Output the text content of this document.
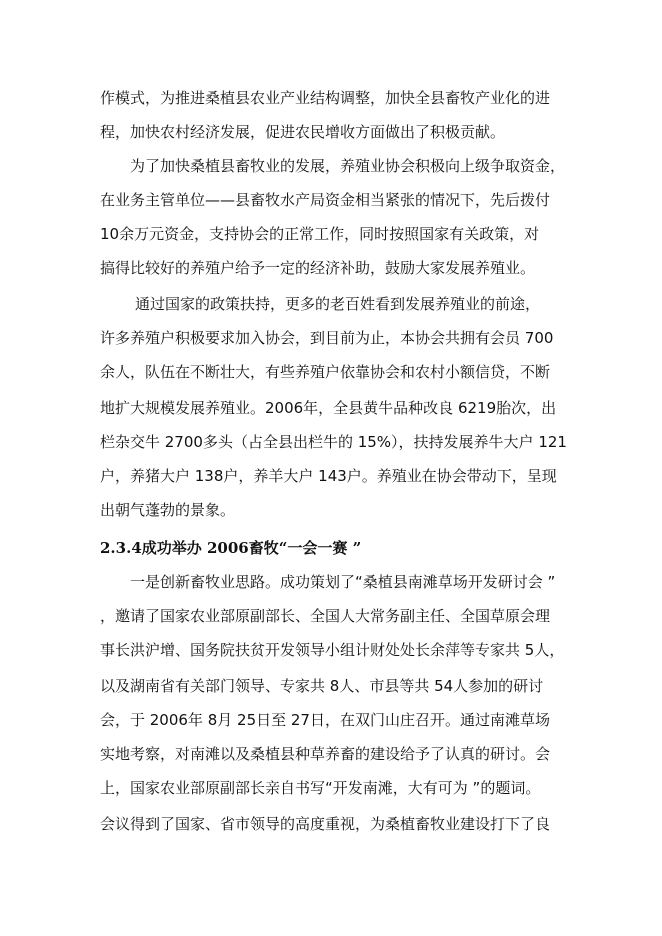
作模式，为推进桑植县农业产业结构调整，加快全县畜牧产业化的进
程，加快农村经济发展，促进农民增收方面做出了积极贡献。
为了加快桑植县畜牧业的发展，养殖业协会积极向上级争取资金，
在业务主管单位——县畜牧水产局资金相当紧张的情况下，先后拨付
10余万元资金，支持协会的正常工作，同时按照国家有关政策，对
搞得比较好的养殖户给予一定的经济补助，鼓励大家发展养殖业。
通过国家的政策扶持，更多的老百姓看到发展养殖业的前途，
许多养殖户积极要求加入协会，到目前为止，本协会共拥有会员 700
余人，队伍在不断壮大，有些养殖户依靠协会和农村小额信贷，不断
地扩大规模发展养殖业。2006年，全县黄牛品种改良 6219胎次，出
栏杂交牛 2700多头（占全县出栏牛的 15%），扶持发展养牛大户 121
户，养猪大户 138户，养羊大户 143户。养殖业在协会带动下，呈现
出朝气蓬勃的景象。
2.3.4成功举办 2006畜牧“一会一赛 ”
一是创新畜牧业思路。成功策划了“桑植县南滩草场开发研讨会 ”
，邀请了国家农业部原副部长、全国人大常务副主任、全国草原会理
事长洪沪增、国务院扶贫开发领导小组计财处处长余萍等专家共 5人，
以及湖南省有关部门领导、专家共 8人、市县等共 54人参加的研讨
会，于 2006年 8月 25日至 27日，在双门山庄召开。通过南滩草场
实地考察，对南滩以及桑植县种草养畜的建设给予了认真的研讨。会
上，国家农业部原副部长亲自书写“开发南滩，大有可为 ”的题词。
会议得到了国家、省市领导的高度重视，为桑植畜牧业建设打下了良
